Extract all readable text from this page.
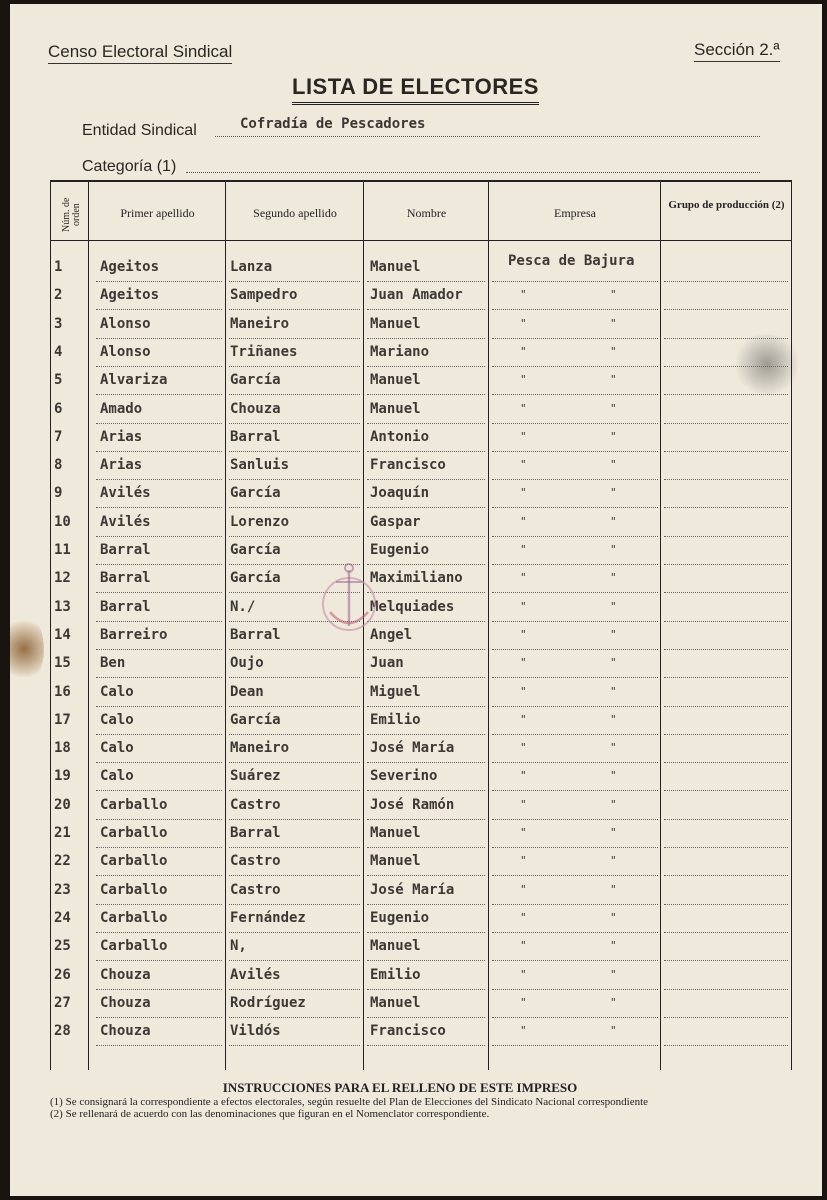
Censo Electoral Sindical	Sección 2.ª
LISTA DE ELECTORES
Entidad Sindical	Cofradía de Pescadores
Categoría (1)
Núm. de orden	Primer apellido	Segundo apellido	Nombre	Empresa
Grupo de producción (2)
1	Ageitos	Lanza	Manuel	Pesca de Bajura
2	Ageitos	Sampedro	Juan Amador	"	"
3	Alonso	Maneiro	Manuel	"	"
4	Alonso	Triñanes	Mariano	"	"
5	Alvariza	García	Manuel	"	"
6	Amado	Chouza	Manuel	"	"
7	Arias	Barral	Antonio	"	"
8	Arias	Sanluis	Francisco	"	"
9	Avilés	García	Joaquín	"	"
10 Avilés	Lorenzo	Gaspar	"	"
11 Barral	García	Eugenio	"	"
12 Barral	García	Maximiliano	"	"
13 Barral	N./	Melquiades	"	"
14 Barreiro	Barral	Angel	"	"
15 Ben	Oujo	Juan	"	"
16 Calo	Dean	Miguel	"	"
17 Calo	García	Emilio	"	"
18 Calo	Maneiro	José María	"	"
19 Calo	Suárez	Severino	"	"
20 Carballo	Castro	José Ramón	"	"
21 Carballo	Barral	Manuel	"	"
22 Carballo	Castro	Manuel	"	"
23 Carballo	Castro	José María	"	"
24 Carballo	Fernández	Eugenio	"	"
25 Carballo	N,	Manuel	"	"
26 Chouza	Avilés	Emilio	"	"
27 Chouza	Rodríguez	Manuel	"	"
28 Chouza	Vildós	Francisco	"	"
INSTRUCCIONES PARA EL RELLENO DE ESTE IMPRESO
(1) Se consignará la correspondiente a efectos electorales, según resuelte del Plan de Elecciones del Sindicato Nacional correspondiente
(2) Se rellenará de acuerdo con las denominaciones que figuran en el Nomenclator correspondiente.
